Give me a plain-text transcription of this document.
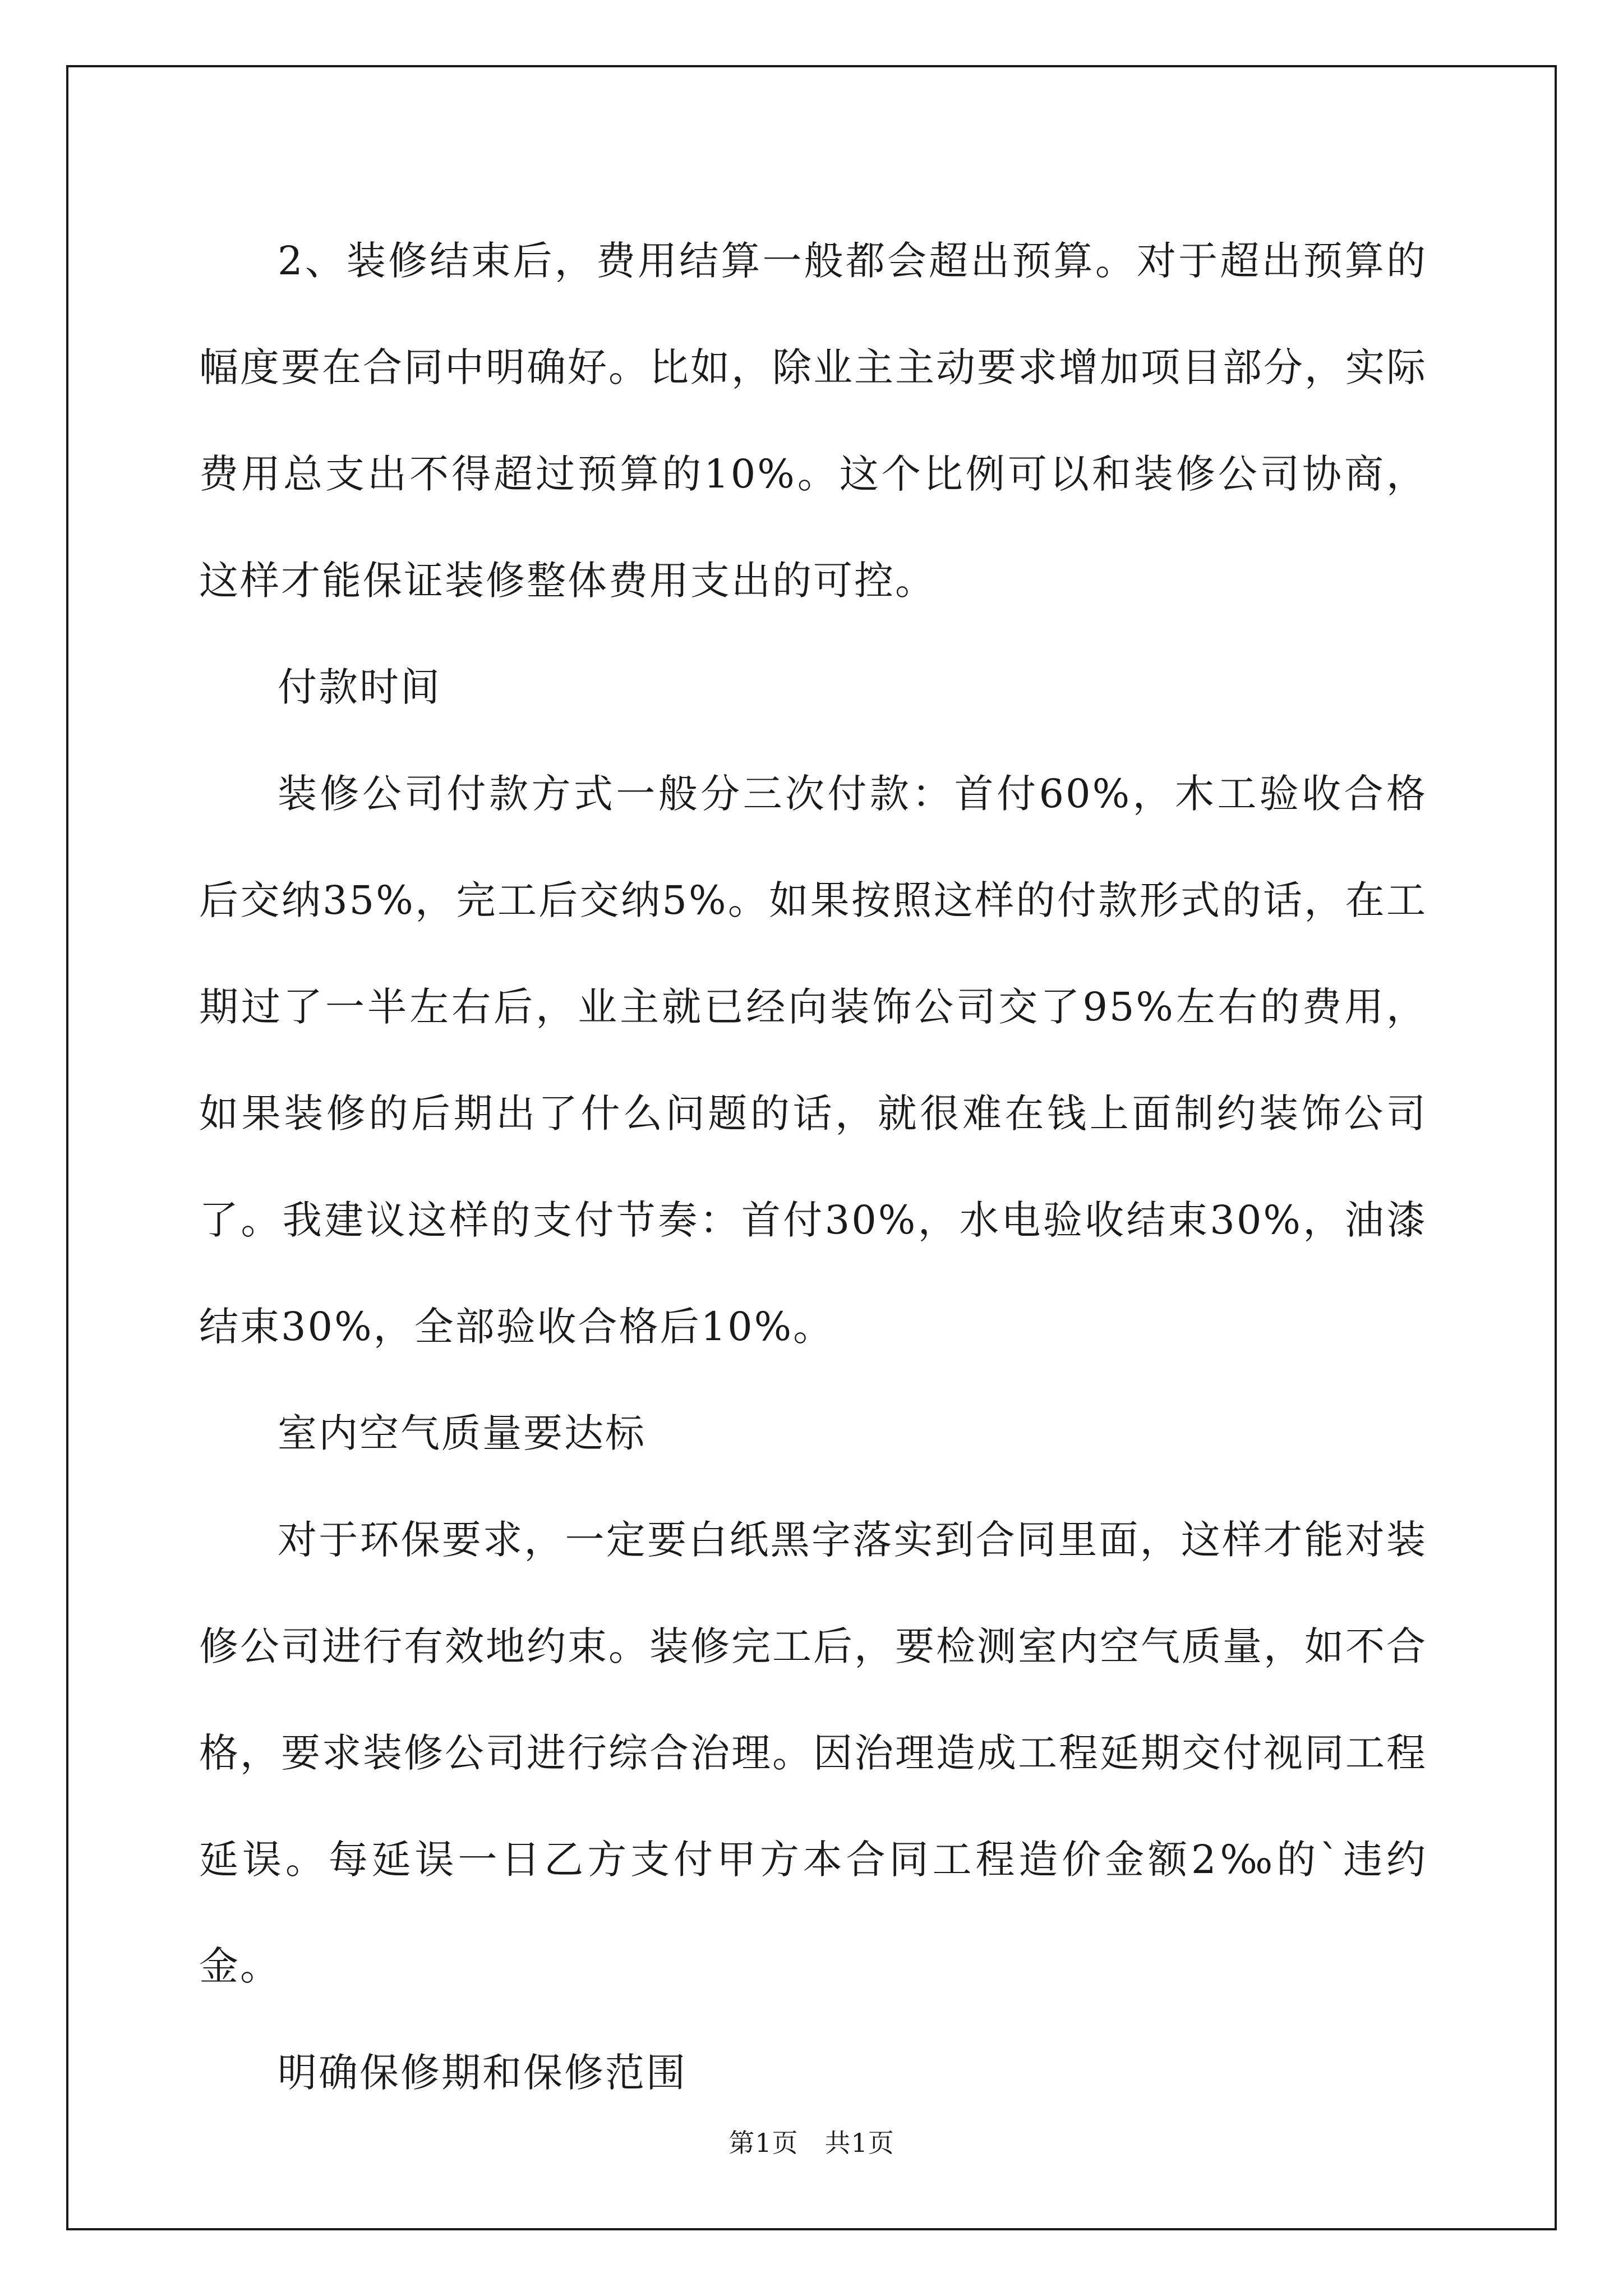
2、装修结束后，费用结算一般都会超出预算。对于超出预算的幅度要在合同中明确好。比如，除业主主动要求增加项目部分，实际费用总支出不得超过预算的10%。这个比例可以和装修公司协商，这样才能保证装修整体费用支出的可控。

付款时间

装修公司付款方式一般分三次付款：首付60%，木工验收合格后交纳35%，完工后交纳5%。如果按照这样的付款形式的话，在工期过了一半左右后，业主就已经向装饰公司交了95%左右的费用，如果装修的后期出了什么问题的话，就很难在钱上面制约装饰公司了。我建议这样的支付节奏：首付30%，水电验收结束30%，油漆结束30%，全部验收合格后10%。

室内空气质量要达标

对于环保要求，一定要白纸黑字落实到合同里面，这样才能对装修公司进行有效地约束。装修完工后，要检测室内空气质量，如不合格，要求装修公司进行综合治理。因治理造成工程延期交付视同工程延误。每延误一日乙方支付甲方本合同工程造价金额2‰的`违约金。

明确保修期和保修范围

第1页 共1页
